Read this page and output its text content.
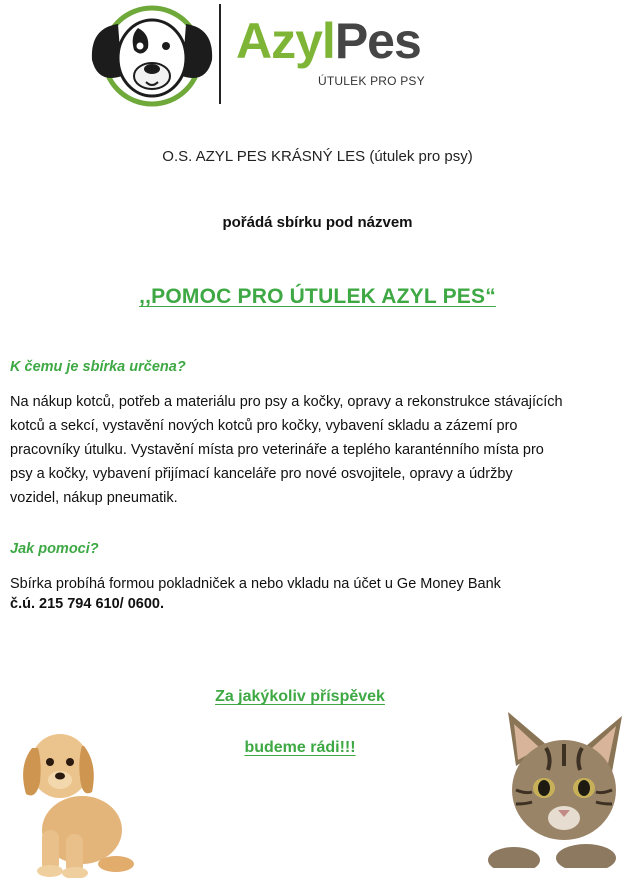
AzylPes
ÚTULEK PRO PSY
O.S. AZYL PES KRÁSNÝ LES (útulek pro psy)
pořádá sbírku pod názvem
,,POMOC PRO ÚTULEK AZYL PES“
K čemu je sbírka určena?
Na nákup kotců, potřeb a materiálu pro psy a kočky, opravy a rekonstrukce stávajících
kotců a sekcí, vystavění nových kotců pro kočky, vybavení skladu a zázemí pro
pracovníky útulku. Vystavění místa pro veterináře a teplého karanténního místa pro
psy a kočky, vybavení přijímací kanceláře pro nové osvojitele, opravy a údržby
vozidel, nákup pneumatik.
Jak pomoci?
Sbírka probíhá formou pokladniček a nebo vkladu na účet u Ge Money Bank
č.ú. 215 794 610/ 0600.
Za jakýkoliv příspěvek
budeme rádi!!!
